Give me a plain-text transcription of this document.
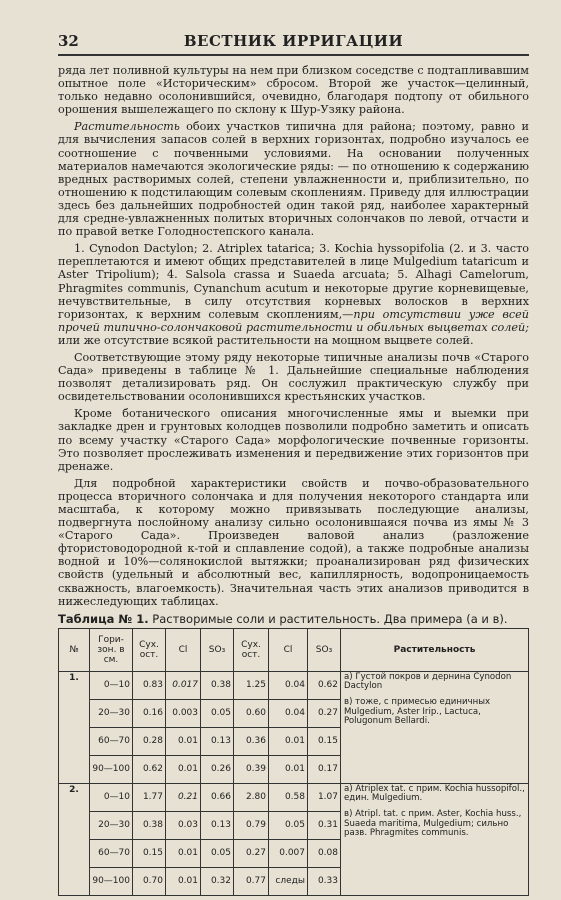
32	ВЕСТНИК ИРРИГАЦИИ

ряда лет поливной культуры на нем при близком соседстве с подтапливавшим опытное поле «Историческим» сбросом. Второй же участок—целинный, только недавно осолонившийся, очевидно, благодаря подтопу от обильного орошения вышележащего по склону к Шур-Узяку района.

Растительность обоих участков типична для района; поэтому, равно и для вычисления запасов солей в верхних горизонтах, подробно изучалось ее соотношение с почвенными условиями. На основании полученных материалов намечаются экологические ряды: — по отношению к содержанию вредных растворимых солей, степени увлажненности и, приблизительно, по отношению к подстилающим солевым скоплениям. Приведу для иллюстрации здесь без дальнейших подробностей один такой ряд, наиболее характерный для средне-увлажненных политых вторичных солончаков по левой, отчасти и по правой ветке Голодностепского канала.

1. Cynodon Dactylon; 2. Atriplex tatarica; 3. Kochia hyssopifolia (2. и 3. часто переплетаются и имеют общих представителей в лице Mulgedium tataricum и Aster Tripolium); 4. Salsola crassa и Suaeda arcuata; 5. Alhagi Camelorum, Phragmites communis, Cynanchum acutum и некоторые другие корневищевые, нечувствительные, в силу отсутствия корневых волосков в верхних горизонтах, к верхним солевым скоплениям,—при отсутствии уже всей прочей типично-солончаковой растительности и обильных выцветах солей; или же отсутствие всякой растительности на мощном выцвете солей.

Соответствующие этому ряду некоторые типичные анализы почв «Старого Сада» приведены в таблице № 1. Дальнейшие специальные наблюдения позволят детализировать ряд. Он сослужил практическую службу при освидетельствовании осолонившихся крестьянских участков.

Кроме ботанического описания многочисленные ямы и выемки при закладке дрен и грунтовых колодцев позволили подробно заметить и описать по всему участку «Старого Сада» морфологические почвенные горизонты. Это позволяет прослеживать изменения и передвижение этих горизонтов при дренаже.

Для подробной характеристики свойств и почво-образовательного процесса вторичного солончака и для получения некоторого стандарта или масштаба, к которому можно привязывать последующие анализы, подвергнута послойному анализу сильно осолонившаяся почва из ямы № 3 «Старого Сада». Произведен валовой анализ (разложение фтористоводородной к-той и сплавление содой), а также подробные анализы водной и 10%—солянокислой вытяжки; проанализирован ряд физических свойств (удельный и абсолютный вес, капиллярность, водопроницаемость скважность, влагоемкость). Значительная часть этих анализов приводится в нижеследующих таблицах.

Таблица № 1. Растворимые соли и растительность. Два примера (а и в).
№	Гори-зон. в см.	Сух. ост.	Cl	SO₃	Сух. ост.	Cl	SO₃	Растительность
1.	0—10	0.83	0.017	0.38	1.25	0.04	0.62	а) Густой покров и дернина Cynodon Dactylon
в) тоже, с примесью единичных Mulgedium, Aster Irip., Lactuca, Polugonum Bellardi.

	20—30	0.16	0.003	0.05	0.60	0.04	0.27	
	60—70	0.28	0.01	0.13	0.36	0.01	0.15	
	90—100	0.62	0.01	0.26	0.39	0.01	0.17	
2.	0—10	1.77	0.21	0.66	2.80	0.58	1.07	а) Atriplex tat. с прим. Kochia hussopifol., един. Mulgedium.
в) Atripl. tat. с прим. Aster, Kochia huss., Suaeda maritima, Mulgedium; сильно разв. Phragmites communis.

	20—30	0.38	0.03	0.13	0.79	0.05	0.31	
	60—70	0.15	0.01	0.05	0.27	0.007	0.08	
	90—100	0.70	0.01	0.32	0.77	следы	0.33	
